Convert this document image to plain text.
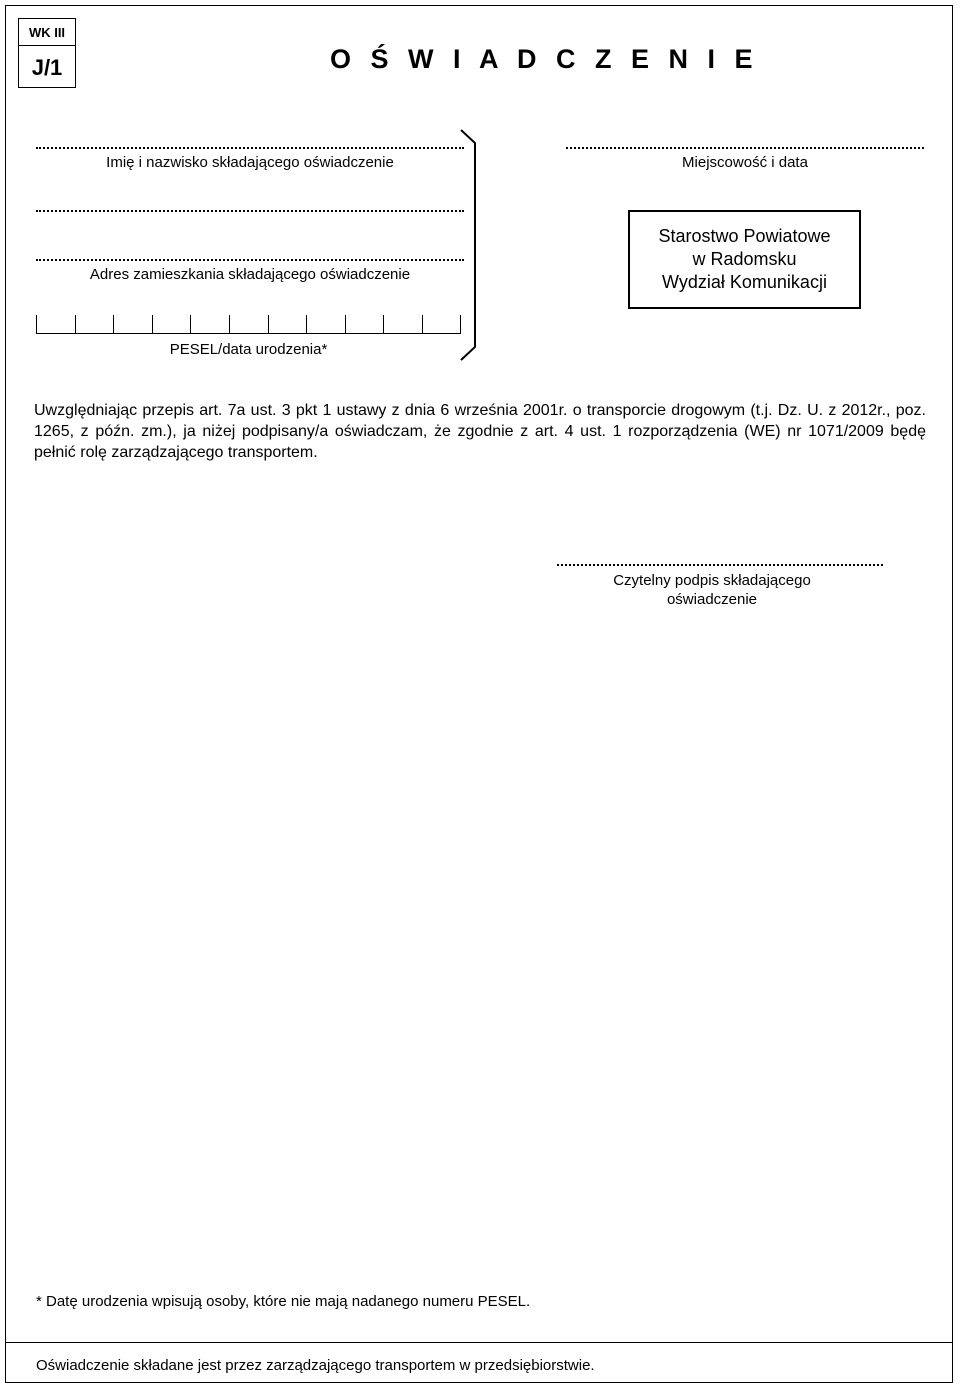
WK III
J/1	O Ś W I A D C Z E N I E
Imię i nazwisko składającego oświadczenie	Miejscowość i data
Adres zamieszkania składającego oświadczenie
Starostwo Powiatowe
w Radomsku
Wydział Komunikacji
PESEL/data urodzenia*
Uwzględniając przepis art. 7a ust. 3 pkt 1 ustawy z dnia 6 września 2001r. o transporcie drogowym (t.j. Dz. U. z 2012r., poz. 1265, z późn. zm.), ja niżej podpisany/a oświadczam, że zgodnie z art. 4 ust. 1 rozporządzenia (WE) nr 1071/2009 będę pełnić rolę zarządzającego transportem.
Czytelny podpis składającego
oświadczenie
* Datę urodzenia wpisują osoby, które nie mają nadanego numeru PESEL.
Oświadczenie składane jest przez zarządzającego transportem w przedsiębiorstwie.
